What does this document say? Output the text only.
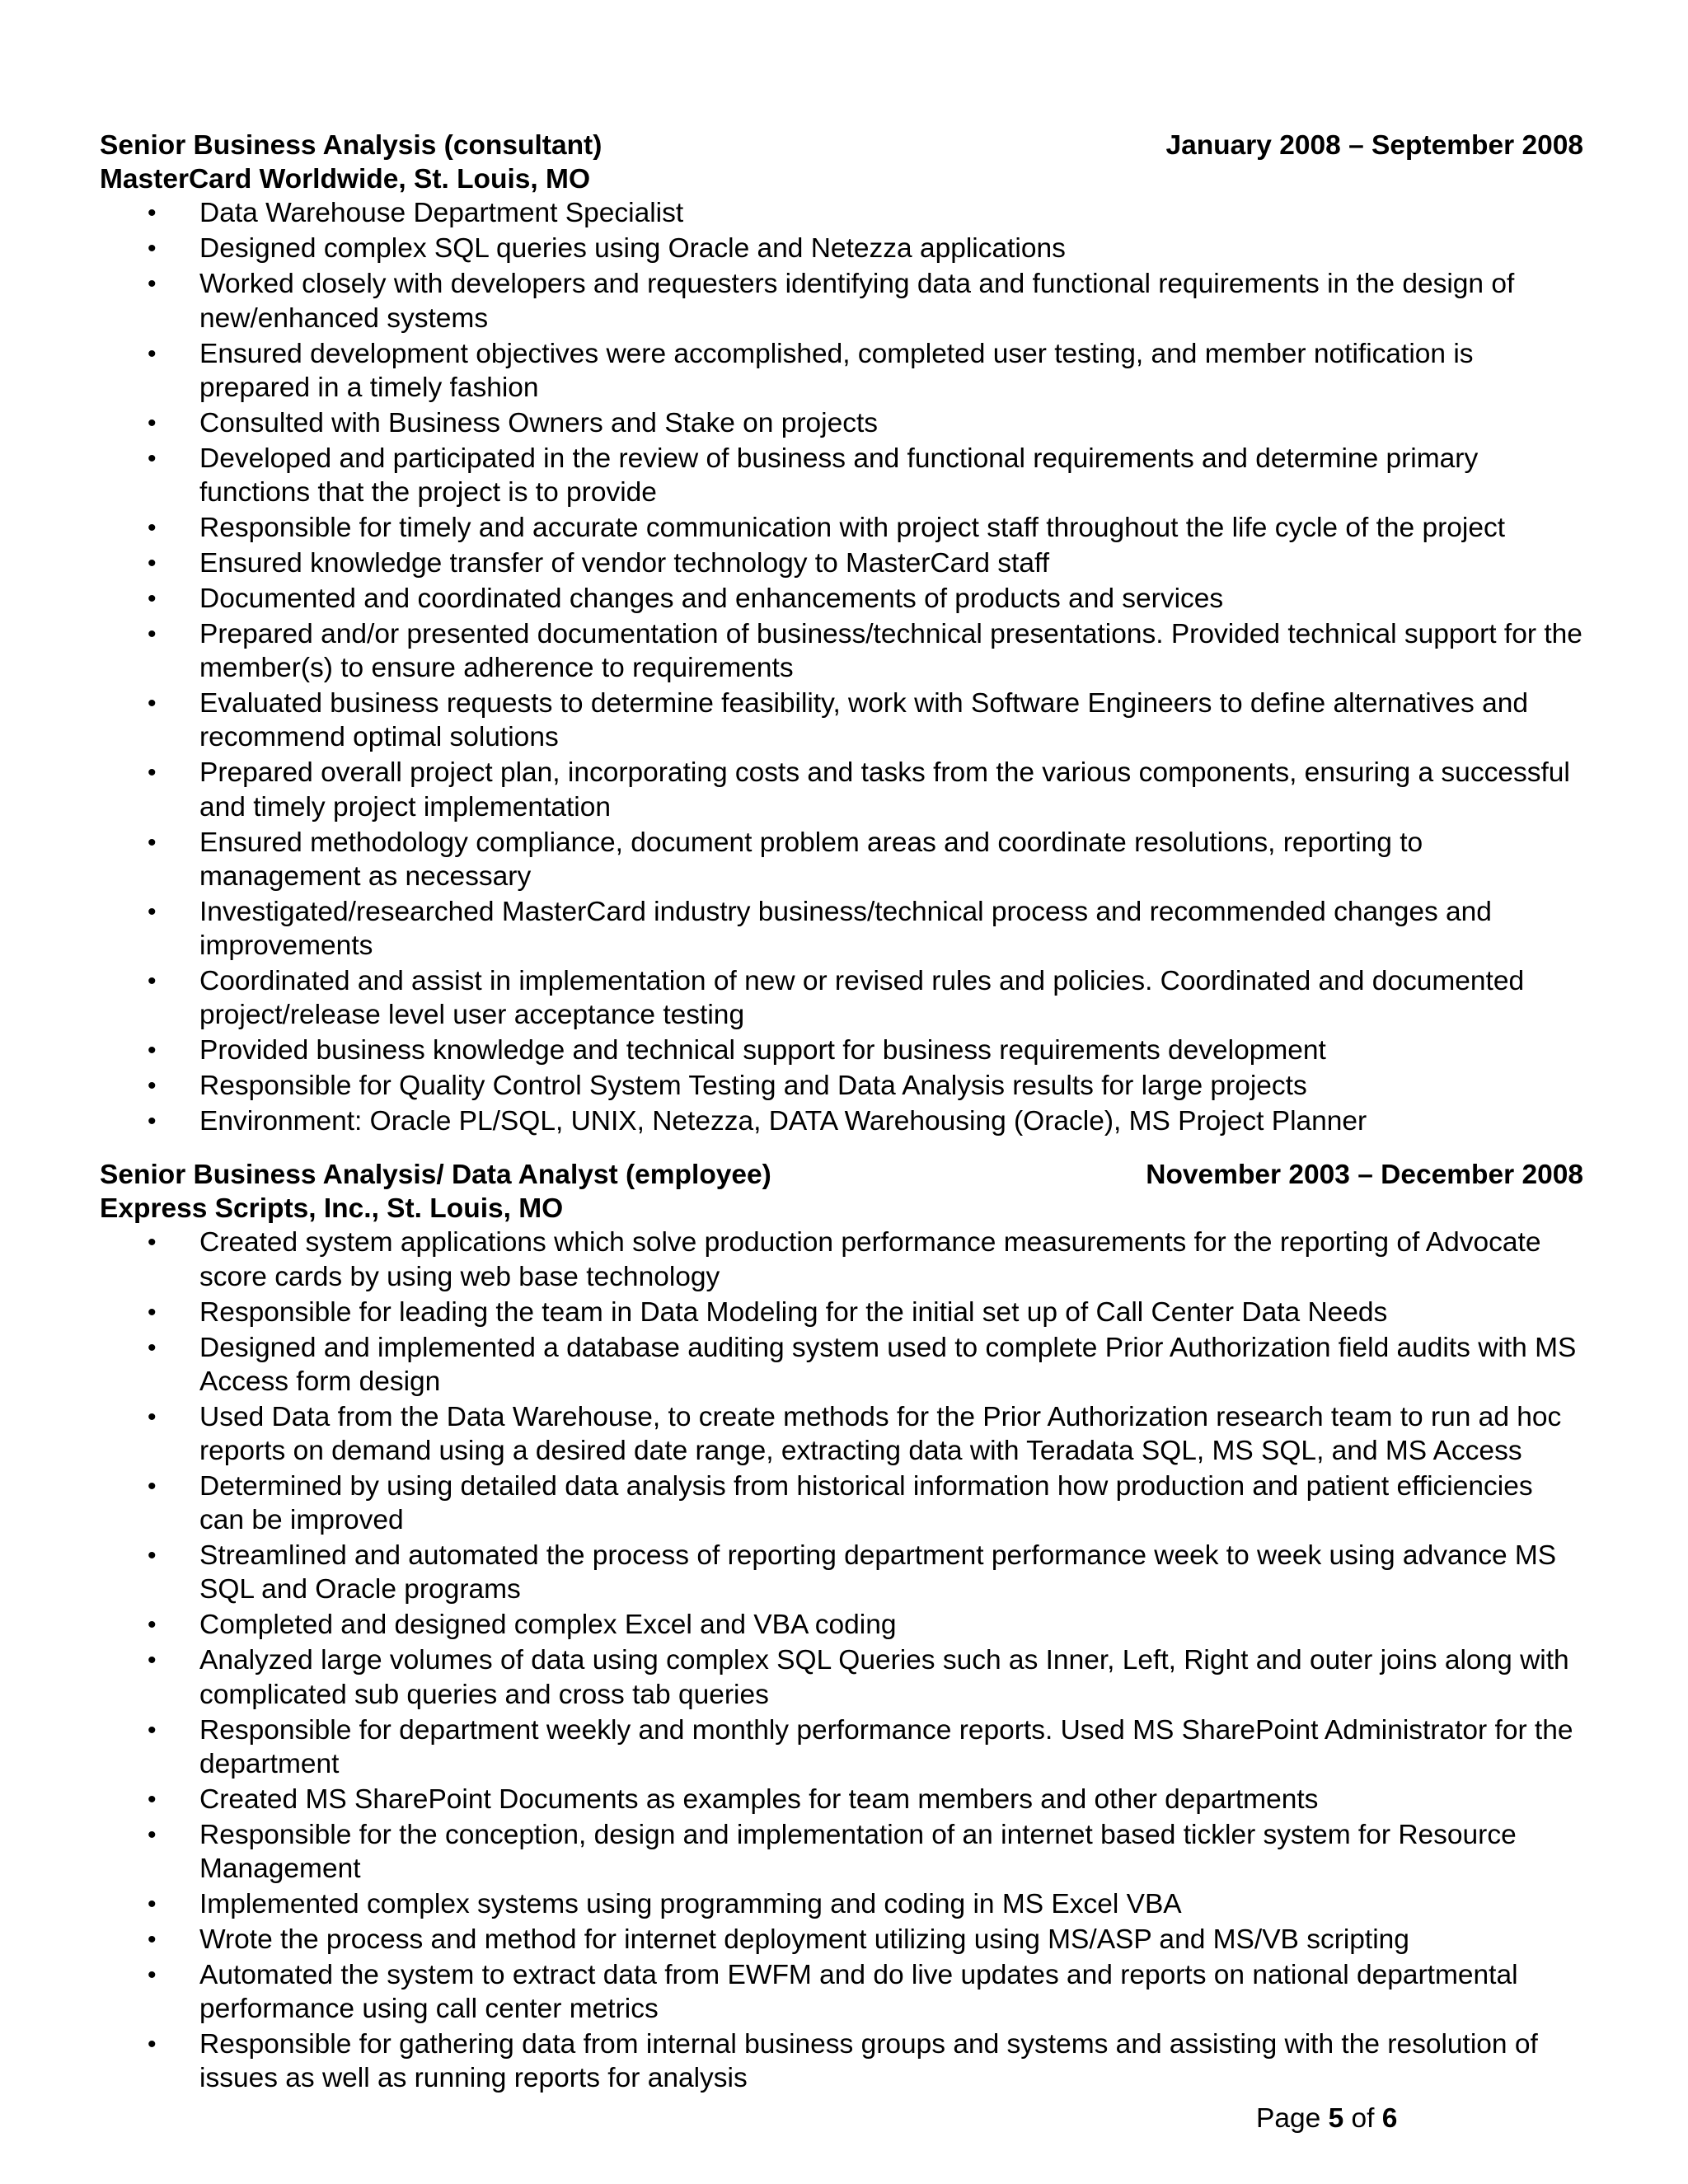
Senior Business Analysis (consultant)	January 2008 – September 2008
MasterCard Worldwide, St. Louis, MO
• Data Warehouse Department Specialist
• Designed complex SQL queries using Oracle and Netezza applications
• Worked closely with developers and requesters identifying data and functional requirements in the design of new/enhanced systems
• Ensured development objectives were accomplished, completed user testing, and member notification is prepared in a timely fashion
• Consulted with Business Owners and Stake on projects
• Developed and participated in the review of business and functional requirements and determine primary functions that the project is to provide
• Responsible for timely and accurate communication with project staff throughout the life cycle of the project
• Ensured knowledge transfer of vendor technology to MasterCard staff
• Documented and coordinated changes and enhancements of products and services
• Prepared and/or presented documentation of business/technical presentations. Provided technical support for the member(s) to ensure adherence to requirements
• Evaluated business requests to determine feasibility, work with Software Engineers to define alternatives and recommend optimal solutions
• Prepared overall project plan, incorporating costs and tasks from the various components, ensuring a successful and timely project implementation
• Ensured methodology compliance, document problem areas and coordinate resolutions, reporting to management as necessary
• Investigated/researched MasterCard industry business/technical process and recommended changes and improvements
• Coordinated and assist in implementation of new or revised rules and policies. Coordinated and documented project/release level user acceptance testing
• Provided business knowledge and technical support for business requirements development
• Responsible for Quality Control System Testing and Data Analysis results for large projects
• Environment: Oracle PL/SQL, UNIX, Netezza, DATA Warehousing (Oracle), MS Project Planner
Senior Business Analysis/ Data Analyst (employee)	November 2003 – December 2008
Express Scripts, Inc., St. Louis, MO
• Created system applications which solve production performance measurements for the reporting of Advocate score cards by using web base technology
• Responsible for leading the team in Data Modeling for the initial set up of Call Center Data Needs
• Designed and implemented a database auditing system used to complete Prior Authorization field audits with MS Access form design
• Used Data from the Data Warehouse, to create methods for the Prior Authorization research team to run ad hoc reports on demand using a desired date range, extracting data with Teradata SQL, MS SQL, and MS Access
• Determined by using detailed data analysis from historical information how production and patient efficiencies can be improved
• Streamlined and automated the process of reporting department performance week to week using advance MS SQL and Oracle programs
• Completed and designed complex Excel and VBA coding
• Analyzed large volumes of data using complex SQL Queries such as Inner, Left, Right and outer joins along with complicated sub queries and cross tab queries
• Responsible for department weekly and monthly performance reports. Used MS SharePoint Administrator for the department
• Created MS SharePoint Documents as examples for team members and other departments
• Responsible for the conception, design and implementation of an internet based tickler system for Resource Management
• Implemented complex systems using programming and coding in MS Excel VBA
• Wrote the process and method for internet deployment utilizing using MS/ASP and MS/VB scripting
• Automated the system to extract data from EWFM and do live updates and reports on national departmental performance using call center metrics
• Responsible for gathering data from internal business groups and systems and assisting with the resolution of issues as well as running reports for analysis
Page 5 of 6
